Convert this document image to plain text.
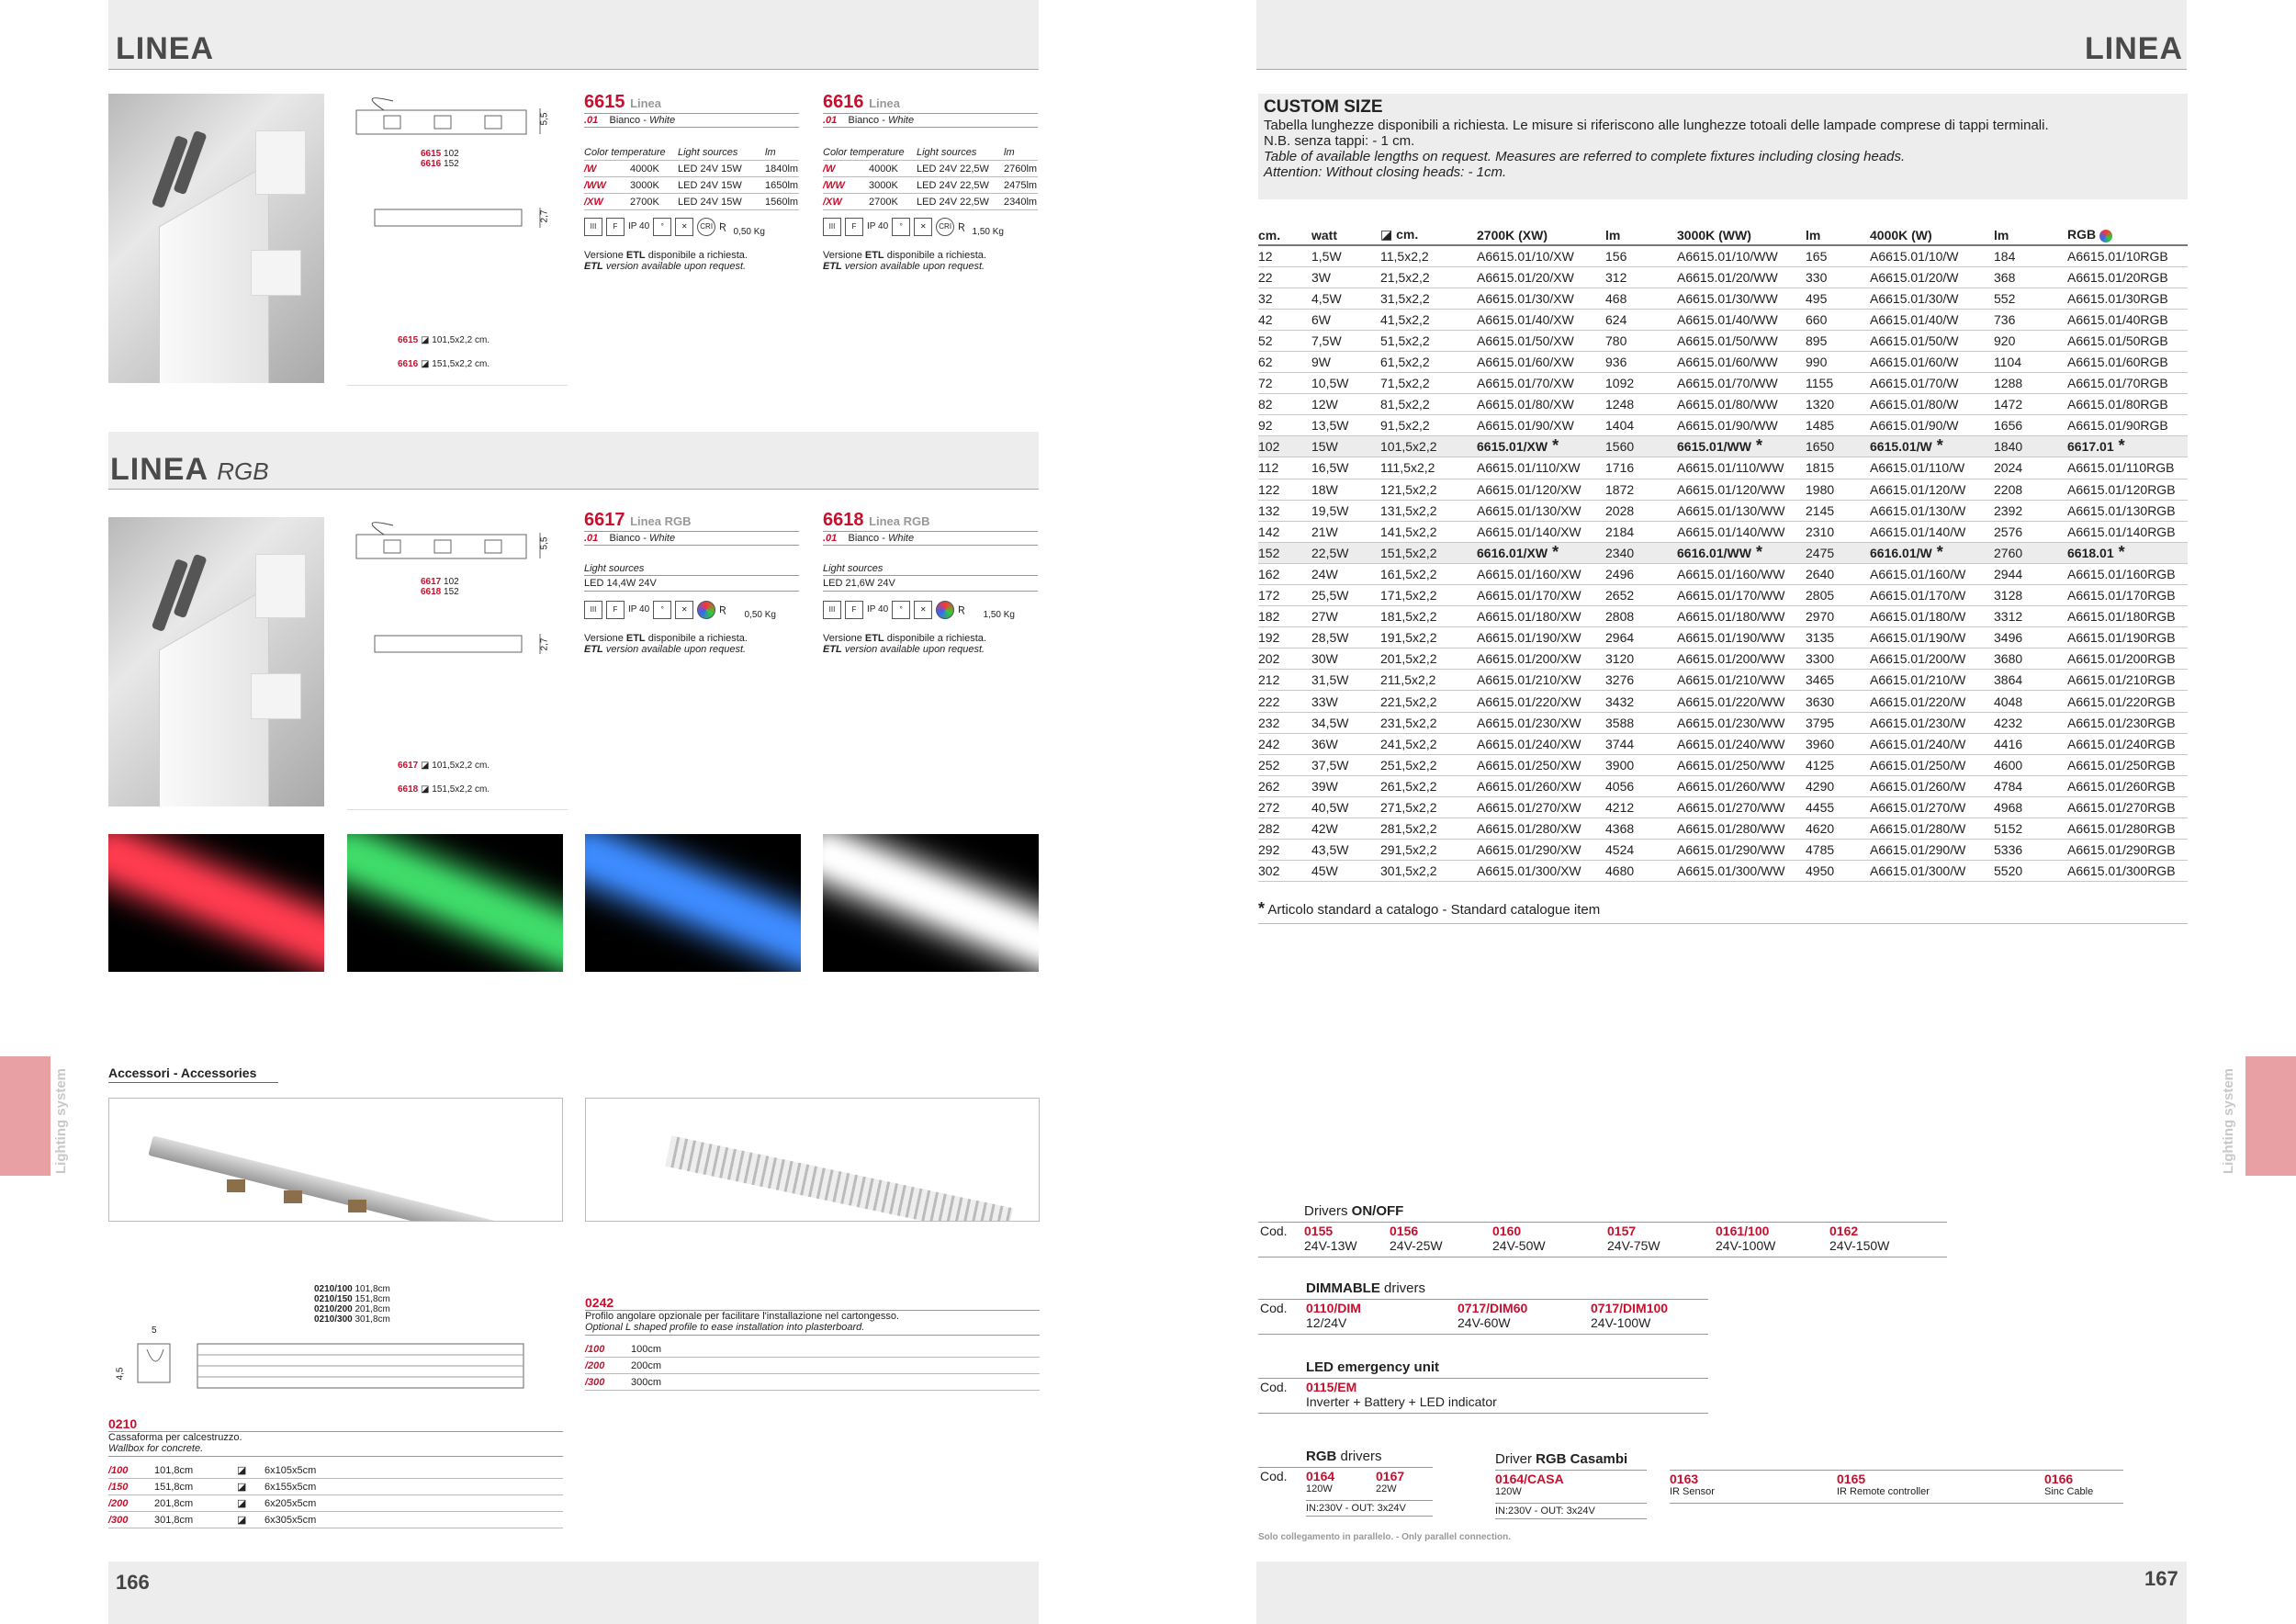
LINEA
5,5
2,7
6615 102
6616 152
6615 ◪ 101,5x2,2 cm.
6616 ◪ 151,5x2,2 cm.
6615 Linea
.01 Bianco - White
Color temperature	Light sources	lm
/W	4000K	LED 24V 15W	1840lm
/WW	3000K	LED 24V 15W	1650lm
/XW	2700K	LED 24V 15W	1560lm
III	F	IP 40	°	✕	CRI Ʀ 0,50 Kg
Versione ETL disponibile a richiesta.
ETL version available upon request.
6616 Linea
.01 Bianco - White
Color temperature	Light sources	lm
/W	4000K	LED 24V 22,5W	2760lm
/WW	3000K	LED 24V 22,5W	2475lm
/XW	2700K	LED 24V 22,5W	2340lm
III	F	IP 40	°	✕	CRI Ʀ 1,50 Kg
Versione ETL disponibile a richiesta.
ETL version available upon request.
LINEA RGB
5,5
2,7
6617 102
6618 152
6617 ◪ 101,5x2,2 cm.
6618 ◪ 151,5x2,2 cm.
6617 Linea RGB
.01 Bianco - White
Light sources
LED 14,4W 24V
III	F	IP 40	°	✕	Ʀ 0,50 Kg
Versione ETL disponibile a richiesta.
ETL version available upon request.
6618 Linea RGB
.01 Bianco - White
Light sources
LED 21,6W 24V
III	F	IP 40	°	✕	Ʀ 1,50 Kg
Versione ETL disponibile a richiesta.
ETL version available upon request.
Lighting system	Accessori - Accessories
0210/100 101,8cm
0210/150 151,8cm
0210/200 201,8cm
0210/300 301,8cm
5
4,5
0210
Cassaforma per calcestruzzo.
Wallbox for concrete.
/100	101,8cm	◪	6x105x5cm
/150	151,8cm	◪	6x155x5cm
/200	201,8cm	◪	6x205x5cm
/300	301,8cm	◪	6x305x5cm
0242
Profilo angolare opzionale per facilitare l'installazione nel cartongesso.
Optional L shaped profile to ease installation into plasterboard.
/100	100cm
/200	200cm
/300	300cm
166
LINEA
CUSTOM SIZE
Tabella lunghezze disponibili a richiesta. Le misure si riferiscono alle lunghezze totoali delle lampade comprese di tappi terminali.
N.B. senza tappi: - 1 cm.
Table of available lengths on request. Measures are referred to complete fixtures including closing heads.
Attention: Without closing heads: - 1cm.
cm.	watt	◪ cm.	2700K (XW)	lm	3000K (WW)	lm	4000K (W)	lm	RGB
12	1,5W	11,5x2,2	A6615.01/10/XW	156	A6615.01/10/WW	165	A6615.01/10/W	184	A6615.01/10RGB
22	3W	21,5x2,2	A6615.01/20/XW	312	A6615.01/20/WW	330	A6615.01/20/W	368	A6615.01/20RGB
32	4,5W	31,5x2,2	A6615.01/30/XW	468	A6615.01/30/WW	495	A6615.01/30/W	552	A6615.01/30RGB
42	6W	41,5x2,2	A6615.01/40/XW	624	A6615.01/40/WW	660	A6615.01/40/W	736	A6615.01/40RGB
52	7,5W	51,5x2,2	A6615.01/50/XW	780	A6615.01/50/WW	895	A6615.01/50/W	920	A6615.01/50RGB
62	9W	61,5x2,2	A6615.01/60/XW	936	A6615.01/60/WW	990	A6615.01/60/W	1104	A6615.01/60RGB
72	10,5W	71,5x2,2	A6615.01/70/XW	1092	A6615.01/70/WW	1155	A6615.01/70/W	1288	A6615.01/70RGB
82	12W	81,5x2,2	A6615.01/80/XW	1248	A6615.01/80/WW	1320	A6615.01/80/W	1472	A6615.01/80RGB
92	13,5W	91,5x2,2	A6615.01/90/XW	1404	A6615.01/90/WW	1485	A6615.01/90/W	1656	A6615.01/90RGB
102	15W	101,5x2,2	6615.01/XW *	1560	6615.01/WW *	1650	6615.01/W *	1840	6617.01 *
112	16,5W	111,5x2,2	A6615.01/110/XW	1716	A6615.01/110/WW	1815	A6615.01/110/W	2024	A6615.01/110RGB
122	18W	121,5x2,2	A6615.01/120/XW	1872	A6615.01/120/WW	1980	A6615.01/120/W	2208	A6615.01/120RGB
132	19,5W	131,5x2,2	A6615.01/130/XW	2028	A6615.01/130/WW	2145	A6615.01/130/W	2392	A6615.01/130RGB
142	21W	141,5x2,2	A6615.01/140/XW	2184	A6615.01/140/WW	2310	A6615.01/140/W	2576	A6615.01/140RGB
152	22,5W	151,5x2,2	6616.01/XW *	2340	6616.01/WW *	2475	6616.01/W *	2760	6618.01 *
162	24W	161,5x2,2	A6615.01/160/XW	2496	A6615.01/160/WW	2640	A6615.01/160/W	2944	A6615.01/160RGB
172	25,5W	171,5x2,2	A6615.01/170/XW	2652	A6615.01/170/WW	2805	A6615.01/170/W	3128	A6615.01/170RGB
182	27W	181,5x2,2	A6615.01/180/XW	2808	A6615.01/180/WW	2970	A6615.01/180/W	3312	A6615.01/180RGB
192	28,5W	191,5x2,2	A6615.01/190/XW	2964	A6615.01/190/WW	3135	A6615.01/190/W	3496	A6615.01/190RGB
202	30W	201,5x2,2	A6615.01/200/XW	3120	A6615.01/200/WW	3300	A6615.01/200/W	3680	A6615.01/200RGB
212	31,5W	211,5x2,2	A6615.01/210/XW	3276	A6615.01/210/WW	3465	A6615.01/210/W	3864	A6615.01/210RGB
222	33W	221,5x2,2	A6615.01/220/XW	3432	A6615.01/220/WW	3630	A6615.01/220/W	4048	A6615.01/220RGB
232	34,5W	231,5x2,2	A6615.01/230/XW	3588	A6615.01/230/WW	3795	A6615.01/230/W	4232	A6615.01/230RGB
242	36W	241,5x2,2	A6615.01/240/XW	3744	A6615.01/240/WW	3960	A6615.01/240/W	4416	A6615.01/240RGB
252	37,5W	251,5x2,2	A6615.01/250/XW	3900	A6615.01/250/WW	4125	A6615.01/250/W	4600	A6615.01/250RGB
262	39W	261,5x2,2	A6615.01/260/XW	4056	A6615.01/260/WW	4290	A6615.01/260/W	4784	A6615.01/260RGB
272	40,5W	271,5x2,2	A6615.01/270/XW	4212	A6615.01/270/WW	4455	A6615.01/270/W	4968	A6615.01/270RGB
282	42W	281,5x2,2	A6615.01/280/XW	4368	A6615.01/280/WW	4620	A6615.01/280/W	5152	A6615.01/280RGB
292	43,5W	291,5x2,2	A6615.01/290/XW	4524	A6615.01/290/WW	4785	A6615.01/290/W	5336	A6615.01/290RGB
302	45W	301,5x2,2	A6615.01/300/XW	4680	A6615.01/300/WW	4950	A6615.01/300/W	5520	A6615.01/300RGB
* Articolo standard a catalogo - Standard catalogue item
Lighting system
Drivers ON/OFF
Cod. 0155
24V-13W
0156
24V-25W
0160
24V-50W
0157
24V-75W
0161/100
24V-100W
0162
24V-150W
DIMMABLE drivers
Cod. 0110/DIM
12/24V
0717/DIM60
24V-60W
0717/DIM100
24V-100W
LED emergency unit
Cod. 0115/EM
Inverter + Battery + LED indicator
RGB drivers
Cod. 0164
120W
0167
22W
IN:230V - OUT: 3x24V
Driver RGB Casambi
0164/CASA
120W
IN:230V - OUT: 3x24V
0163
IR Sensor
0165
IR Remote controller
0166
Sinc Cable
Solo collegamento in parallelo. - Only parallel connection.
167
